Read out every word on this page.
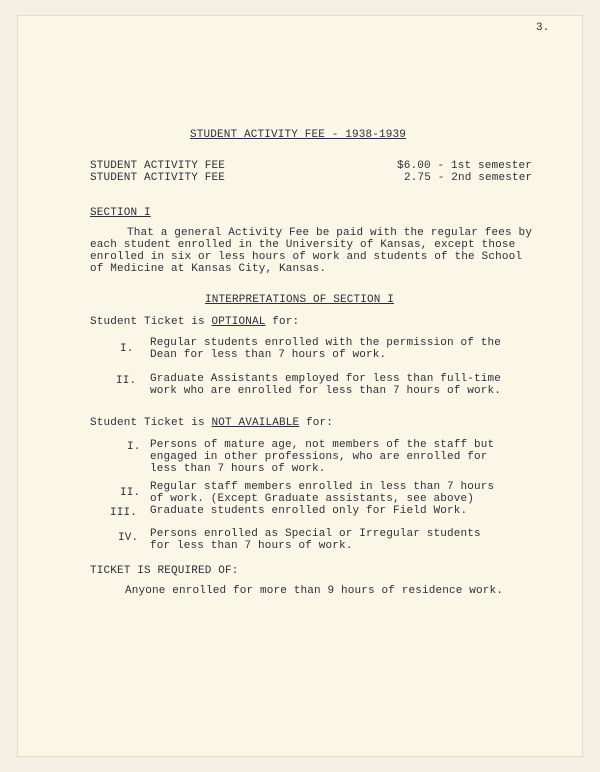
3.
STUDENT ACTIVITY FEE - 1938-1939
STUDENT ACTIVITY FEE	$6.00 - 1st semester
STUDENT ACTIVITY FEE	2.75 - 2nd semester
SECTION I
That a general Activity Fee be paid with the regular fees by
each student enrolled in the University of Kansas, except those
enrolled in six or less hours of work and students of the School
of Medicine at Kansas City, Kansas.
INTERPRETATIONS OF SECTION I
Student Ticket is OPTIONAL for:
I. Regular students enrolled with the permission of the
Dean for less than 7 hours of work.
II. Graduate Assistants employed for less than full-time
work who are enrolled for less than 7 hours of work.
Student Ticket is NOT AVAILABLE for:
I. Persons of mature age, not members of the staff but
engaged in other professions, who are enrolled for
less than 7 hours of work.
II. Regular staff members enrolled in less than 7 hours
of work. (Except Graduate assistants, see above)
III. Graduate students enrolled only for Field Work.
IV. Persons enrolled as Special or Irregular students
for less than 7 hours of work.
TICKET IS REQUIRED OF:
Anyone enrolled for more than 9 hours of residence work.
